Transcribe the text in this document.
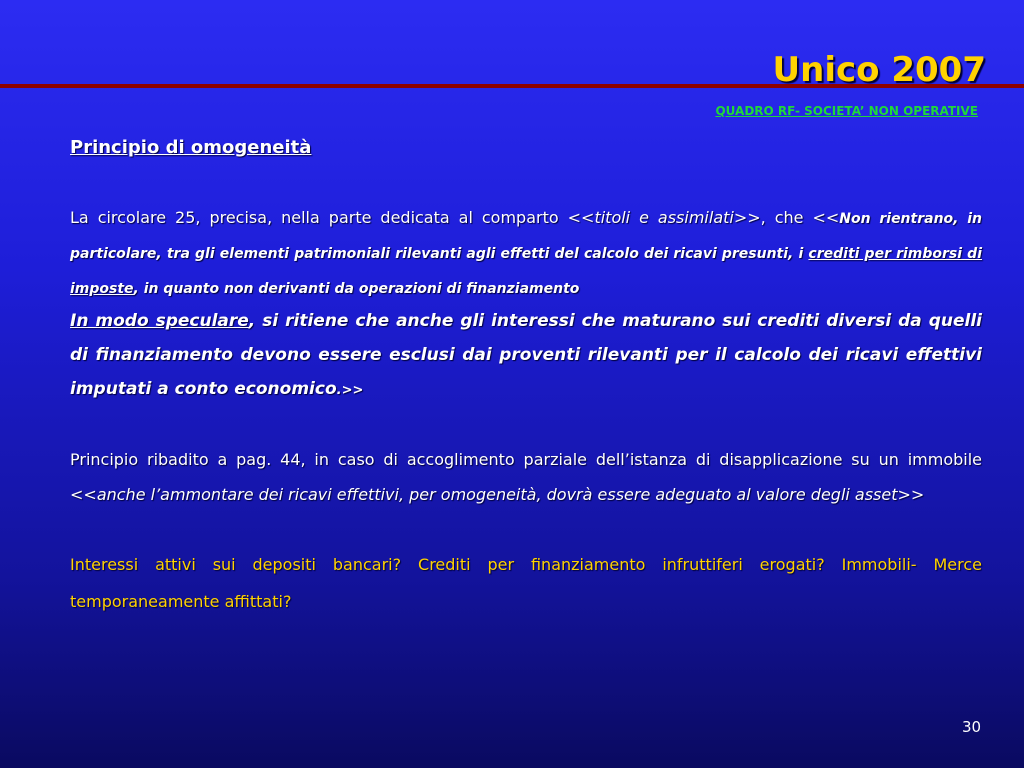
Unico 2007
QUADRO RF- SOCIETA’ NON OPERATIVE
Principio di omogeneità
La circolare 25, precisa, nella parte dedicata al comparto <<titoli e assimilati>>, che <<Non rientrano, in particolare, tra gli elementi patrimoniali rilevanti agli effetti del calcolo dei ricavi presunti, i crediti per rimborsi di imposte, in quanto non derivanti da operazioni di finanziamento
In modo speculare, si ritiene che anche gli interessi che maturano sui crediti diversi da quelli di finanziamento devono essere esclusi dai proventi rilevanti per il calcolo dei ricavi effettivi imputati a conto economico.>>
Principio ribadito a pag. 44, in caso di accoglimento parziale dell’istanza di disapplicazione su un immobile <<anche l’ammontare dei ricavi effettivi, per omogeneità, dovrà essere adeguato al valore degli asset>>
Interessi attivi sui depositi bancari? Crediti per finanziamento infruttiferi erogati? Immobili- Merce temporaneamente affittati?
30
